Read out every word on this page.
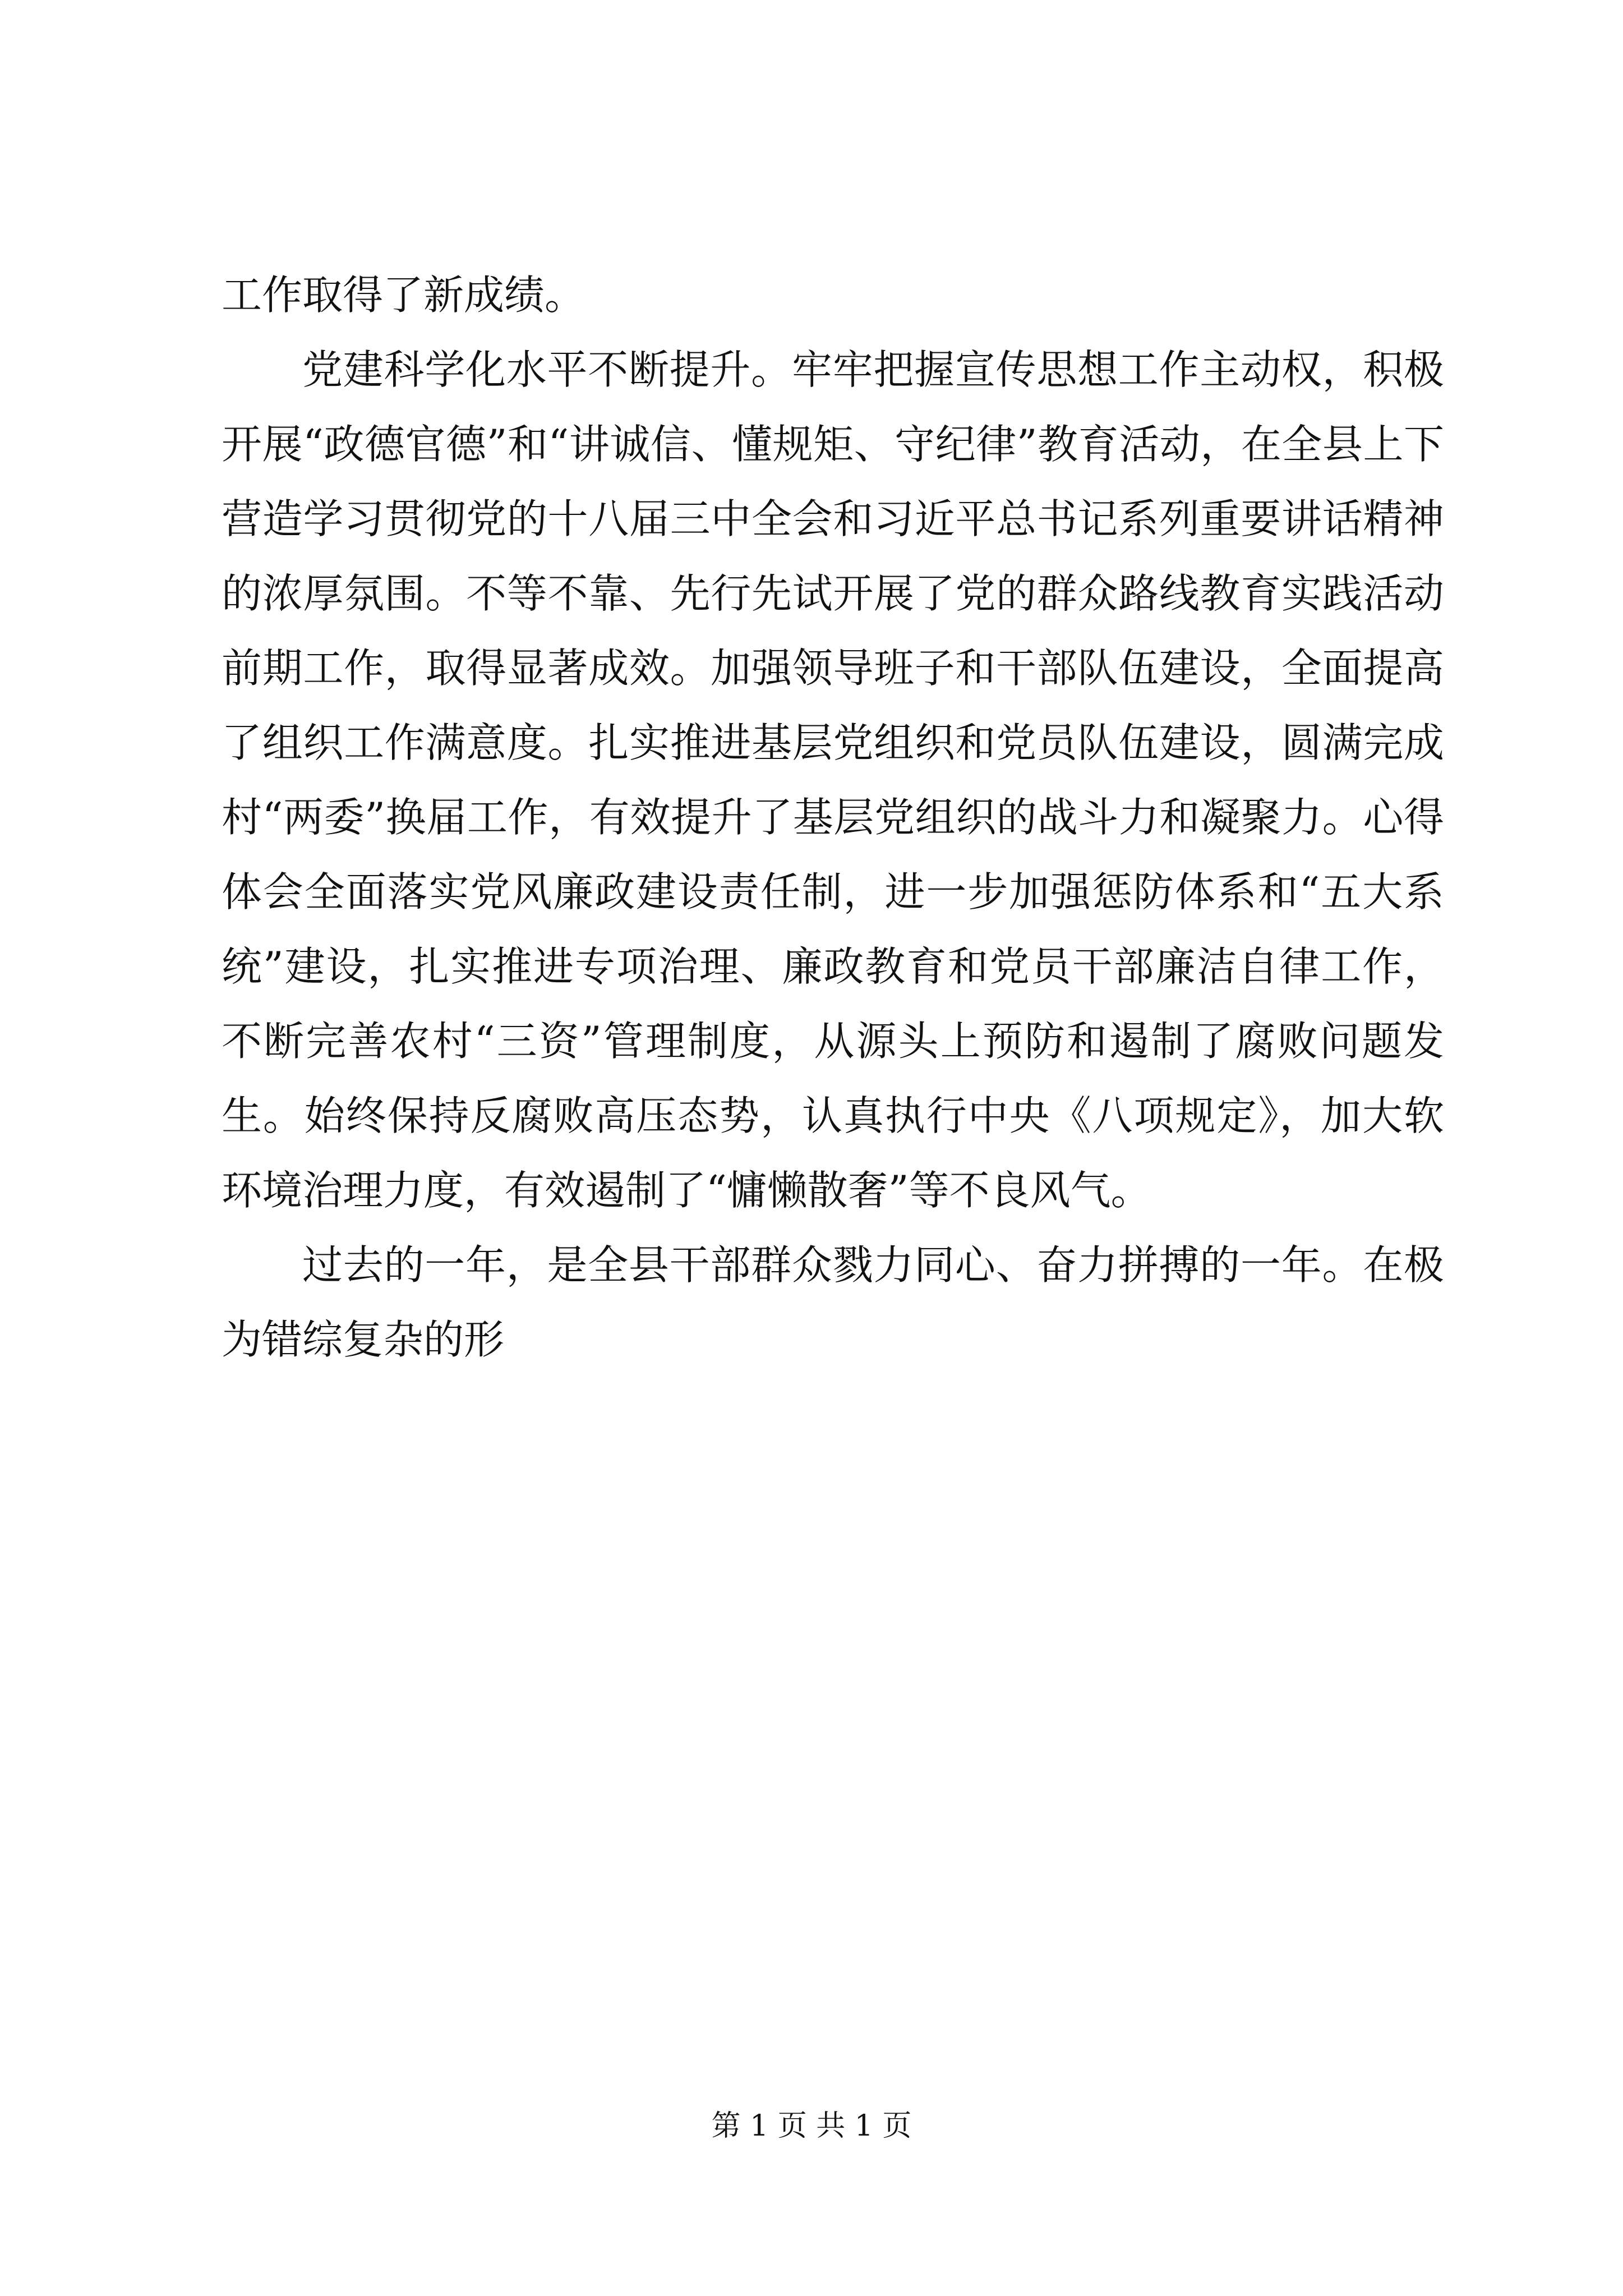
工作取得了新成绩。

党建科学化水平不断提升。牢牢把握宣传思想工作主动权，积极开展“政德官德”和“讲诚信、懂规矩、守纪律”教育活动，在全县上下营造学习贯彻党的十八届三中全会和习近平总书记系列重要讲话精神的浓厚氛围。不等不靠、先行先试开展了党的群众路线教育实践活动前期工作，取得显著成效。加强领导班子和干部队伍建设，全面提高了组织工作满意度。扎实推进基层党组织和党员队伍建设，圆满完成村“两委”换届工作，有效提升了基层党组织的战斗力和凝聚力。心得体会全面落实党风廉政建设责任制，进一步加强惩防体系和“五大系统”建设，扎实推进专项治理、廉政教育和党员干部廉洁自律工作，不断完善农村“三资”管理制度，从源头上预防和遏制了腐败问题发生。始终保持反腐败高压态势，认真执行中央《八项规定》，加大软环境治理力度，有效遏制了“慵懒散奢”等不良风气。

过去的一年，是全县干部群众戮力同心、奋力拼搏的一年。在极为错综复杂的形

第 1 页 共 1 页
